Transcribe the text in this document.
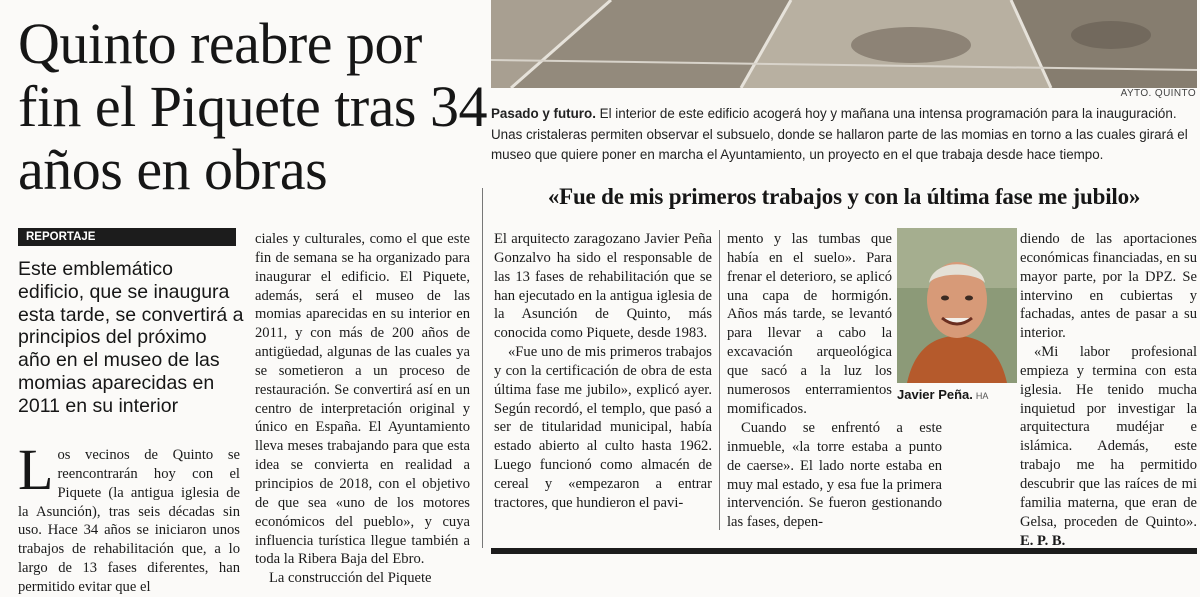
Quinto reabre por fin el Piquete tras 34 años en obras
AYTO. QUINTO
Pasado y futuro. El interior de este edificio acogerá hoy y mañana una intensa programación para la inauguración. Unas cristaleras permiten observar el subsuelo, donde se hallaron parte de las momias en torno a las cuales girará el museo que quiere poner en marcha el Ayuntamiento, un proyecto en el que trabaja desde hace tiempo.
«Fue de mis primeros trabajos y con la última fase me jubilo»
REPORTAJE
Este emblemático edificio, que se inaugura esta tarde, se convertirá a principios del próximo año en el museo de las momias aparecidas en 2011 en su interior
Los vecinos de Quinto se reencontrarán hoy con el Piquete (la antigua iglesia de la Asunción), tras seis décadas sin uso. Hace 34 años se iniciaron unos trabajos de rehabilitación que, a lo largo de 13 fases diferentes, han permitido evitar que el

ciales y culturales, como el que este fin de semana se ha organizado para inaugurar el edificio. El Piquete, además, será el museo de las momias aparecidas en su interior en 2011, y con más de 200 años de antigüedad, algunas de las cuales ya se sometieron a un proceso de restauración. Se convertirá así en un centro de interpretación original y único en España. El Ayuntamiento lleva meses trabajando para que esta idea se convierta en realidad a principios de 2018, con el objetivo de que sea «uno de los motores económicos del pueblo», y cuya influencia turística llegue también a toda la Ribera Baja del Ebro.

La construcción del Piquete

El arquitecto zaragozano Javier Peña Gonzalvo ha sido el responsable de las 13 fases de rehabilitación que se han ejecutado en la antigua iglesia de la Asunción de Quinto, más conocida como Piquete, desde 1983.

«Fue uno de mis primeros trabajos y con la certificación de obra de esta última fase me jubilo», explicó ayer. Según recordó, el templo, que pasó a ser de titularidad municipal, había estado abierto al culto hasta 1962. Luego funcionó como almacén de cereal y «empezaron a entrar tractores, que hundieron el pavi-

mento y las tumbas que había en el suelo». Para frenar el deterioro, se aplicó una capa de hormigón. Años más tarde, se levantó para llevar a cabo la excavación arqueológica que sacó a la luz los numerosos enterramientos momificados.

Cuando se enfrentó a este inmueble, «la torre estaba a punto de caerse». El lado norte estaba en muy mal estado, y esa fue la primera intervención. Se fueron gestionando las fases, depen-

Javier Peña. HA

diendo de las aportaciones económicas financiadas, en su mayor parte, por la DPZ. Se intervino en cubiertas y fachadas, antes de pasar a su interior.

«Mi labor profesional empieza y termina con esta iglesia. He tenido mucha inquietud por investigar la arquitectura mudéjar e islámica. Además, este trabajo me ha permitido descubrir que las raíces de mi familia materna, que eran de Gelsa, proceden de Quinto». E. P. B.
